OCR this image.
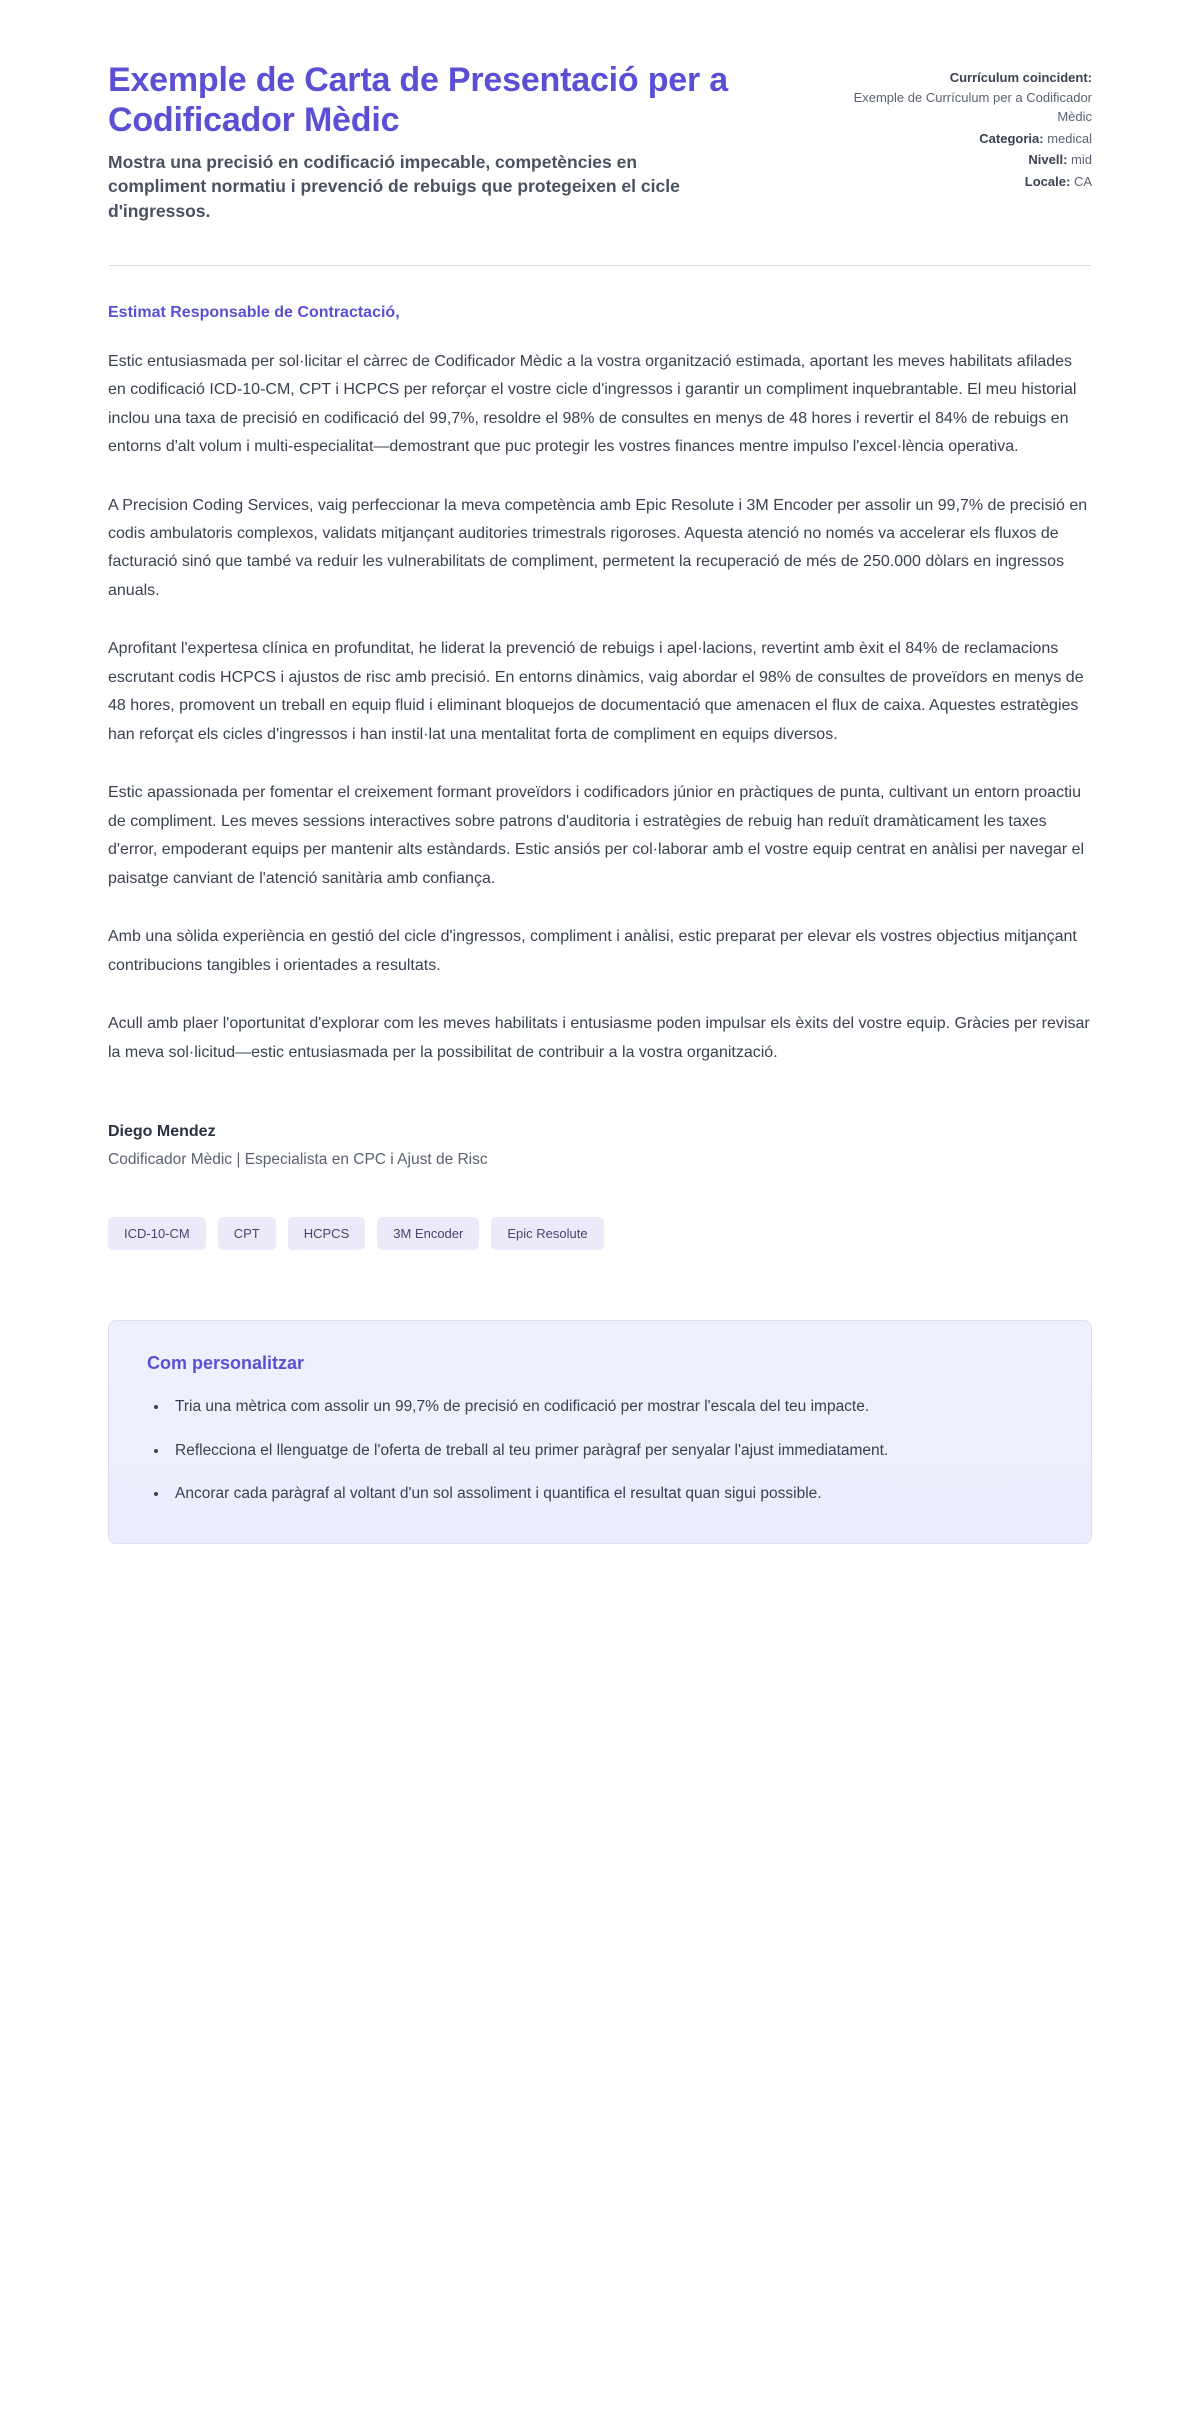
Exemple de Carta de Presentació per a Codificador Mèdic

Mostra una precisió en codificació impecable, competències en compliment normatiu i prevenció de rebuigs que protegeixen el cicle d'ingressos.

Currículum coincident:
Exemple de Currículum per a Codificador Mèdic
Categoria: medical
Nivell: mid
Locale: CA

Estimat Responsable de Contractació,

Estic entusiasmada per sol·licitar el càrrec de Codificador Mèdic a la vostra organització estimada, aportant les meves habilitats afilades en codificació ICD-10-CM, CPT i HCPCS per reforçar el vostre cicle d'ingressos i garantir un compliment inquebrantable. El meu historial inclou una taxa de precisió en codificació del 99,7%, resoldre el 98% de consultes en menys de 48 hores i revertir el 84% de rebuigs en entorns d'alt volum i multi-especialitat—demostrant que puc protegir les vostres finances mentre impulso l'excel·lència operativa.

A Precision Coding Services, vaig perfeccionar la meva competència amb Epic Resolute i 3M Encoder per assolir un 99,7% de precisió en codis ambulatoris complexos, validats mitjançant auditories trimestrals rigoroses. Aquesta atenció no només va accelerar els fluxos de facturació sinó que també va reduir les vulnerabilitats de compliment, permetent la recuperació de més de 250.000 dòlars en ingressos anuals.

Aprofitant l'expertesa clínica en profunditat, he liderat la prevenció de rebuigs i apel·lacions, revertint amb èxit el 84% de reclamacions escrutant codis HCPCS i ajustos de risc amb precisió. En entorns dinàmics, vaig abordar el 98% de consultes de proveïdors en menys de 48 hores, promovent un treball en equip fluid i eliminant bloquejos de documentació que amenacen el flux de caixa. Aquestes estratègies han reforçat els cicles d'ingressos i han instil·lat una mentalitat forta de compliment en equips diversos.

Estic apassionada per fomentar el creixement formant proveïdors i codificadors júnior en pràctiques de punta, cultivant un entorn proactiu de compliment. Les meves sessions interactives sobre patrons d'auditoria i estratègies de rebuig han reduït dramàticament les taxes d'error, empoderant equips per mantenir alts estàndards. Estic ansiós per col·laborar amb el vostre equip centrat en anàlisi per navegar el paisatge canviant de l'atenció sanitària amb confiança.

Amb una sòlida experiència en gestió del cicle d'ingressos, compliment i anàlisi, estic preparat per elevar els vostres objectius mitjançant contribucions tangibles i orientades a resultats.

Acull amb plaer l'oportunitat d'explorar com les meves habilitats i entusiasme poden impulsar els èxits del vostre equip. Gràcies per revisar la meva sol·licitud—estic entusiasmada per la possibilitat de contribuir a la vostra organització.

Diego Mendez

Codificador Mèdic | Especialista en CPC i Ajust de Risc

ICD-10-CM	CPT	HCPCS	3M Encoder	Epic Resolute
Com personalitzar
• Tria una mètrica com assolir un 99,7% de precisió en codificació per mostrar l'escala del teu impacte.
• Reflecciona el llenguatge de l'oferta de treball al teu primer paràgraf per senyalar l'ajust immediatament.
• Ancorar cada paràgraf al voltant d'un sol assoliment i quantifica el resultat quan sigui possible.
